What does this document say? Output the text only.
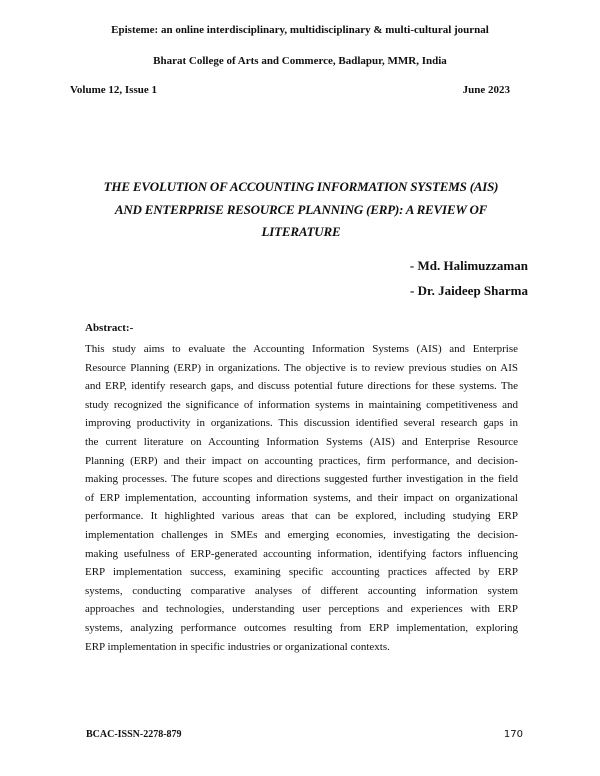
Episteme: an online interdisciplinary, multidisciplinary & multi-cultural journal
Bharat College of Arts and Commerce, Badlapur, MMR, India
Volume 12, Issue 1	June 2023
THE EVOLUTION OF ACCOUNTING INFORMATION SYSTEMS (AIS)
AND ENTERPRISE RESOURCE PLANNING (ERP): A REVIEW OF
LITERATURE
- Md. Halimuzzaman
- Dr. Jaideep Sharma
Abstract:-
This study aims to evaluate the Accounting Information Systems (AIS) and Enterprise
Resource Planning (ERP) in organizations. The objective is to review previous studies on AIS
and ERP, identify research gaps, and discuss potential future directions for these systems. The
study recognized the significance of information systems in maintaining competitiveness and
improving productivity in organizations. This discussion identified several research gaps in
the current literature on Accounting Information Systems (AIS) and Enterprise Resource
Planning (ERP) and their impact on accounting practices, firm performance, and decision-
making processes. The future scopes and directions suggested further investigation in the field
of ERP implementation, accounting information systems, and their impact on organizational
performance. It highlighted various areas that can be explored, including studying ERP
implementation challenges in SMEs and emerging economies, investigating the decision-
making usefulness of ERP-generated accounting information, identifying factors influencing
ERP implementation success, examining specific accounting practices affected by ERP
systems, conducting comparative analyses of different accounting information system
approaches and technologies, understanding user perceptions and experiences with ERP
systems, analyzing performance outcomes resulting from ERP implementation, exploring
ERP implementation in specific industries or organizational contexts.
BCAC-ISSN-2278-879	170
